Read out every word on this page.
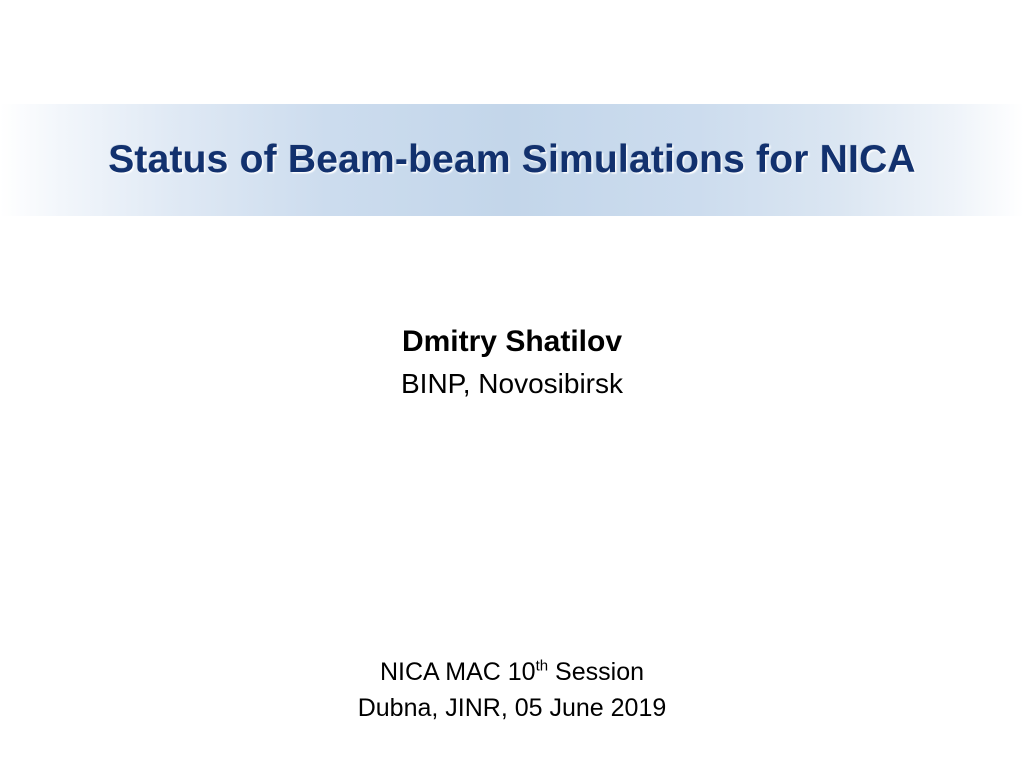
Status of Beam-beam Simulations for NICA
Dmitry Shatilov
BINP, Novosibirsk
NICA MAC 10th Session
Dubna, JINR, 05 June 2019
